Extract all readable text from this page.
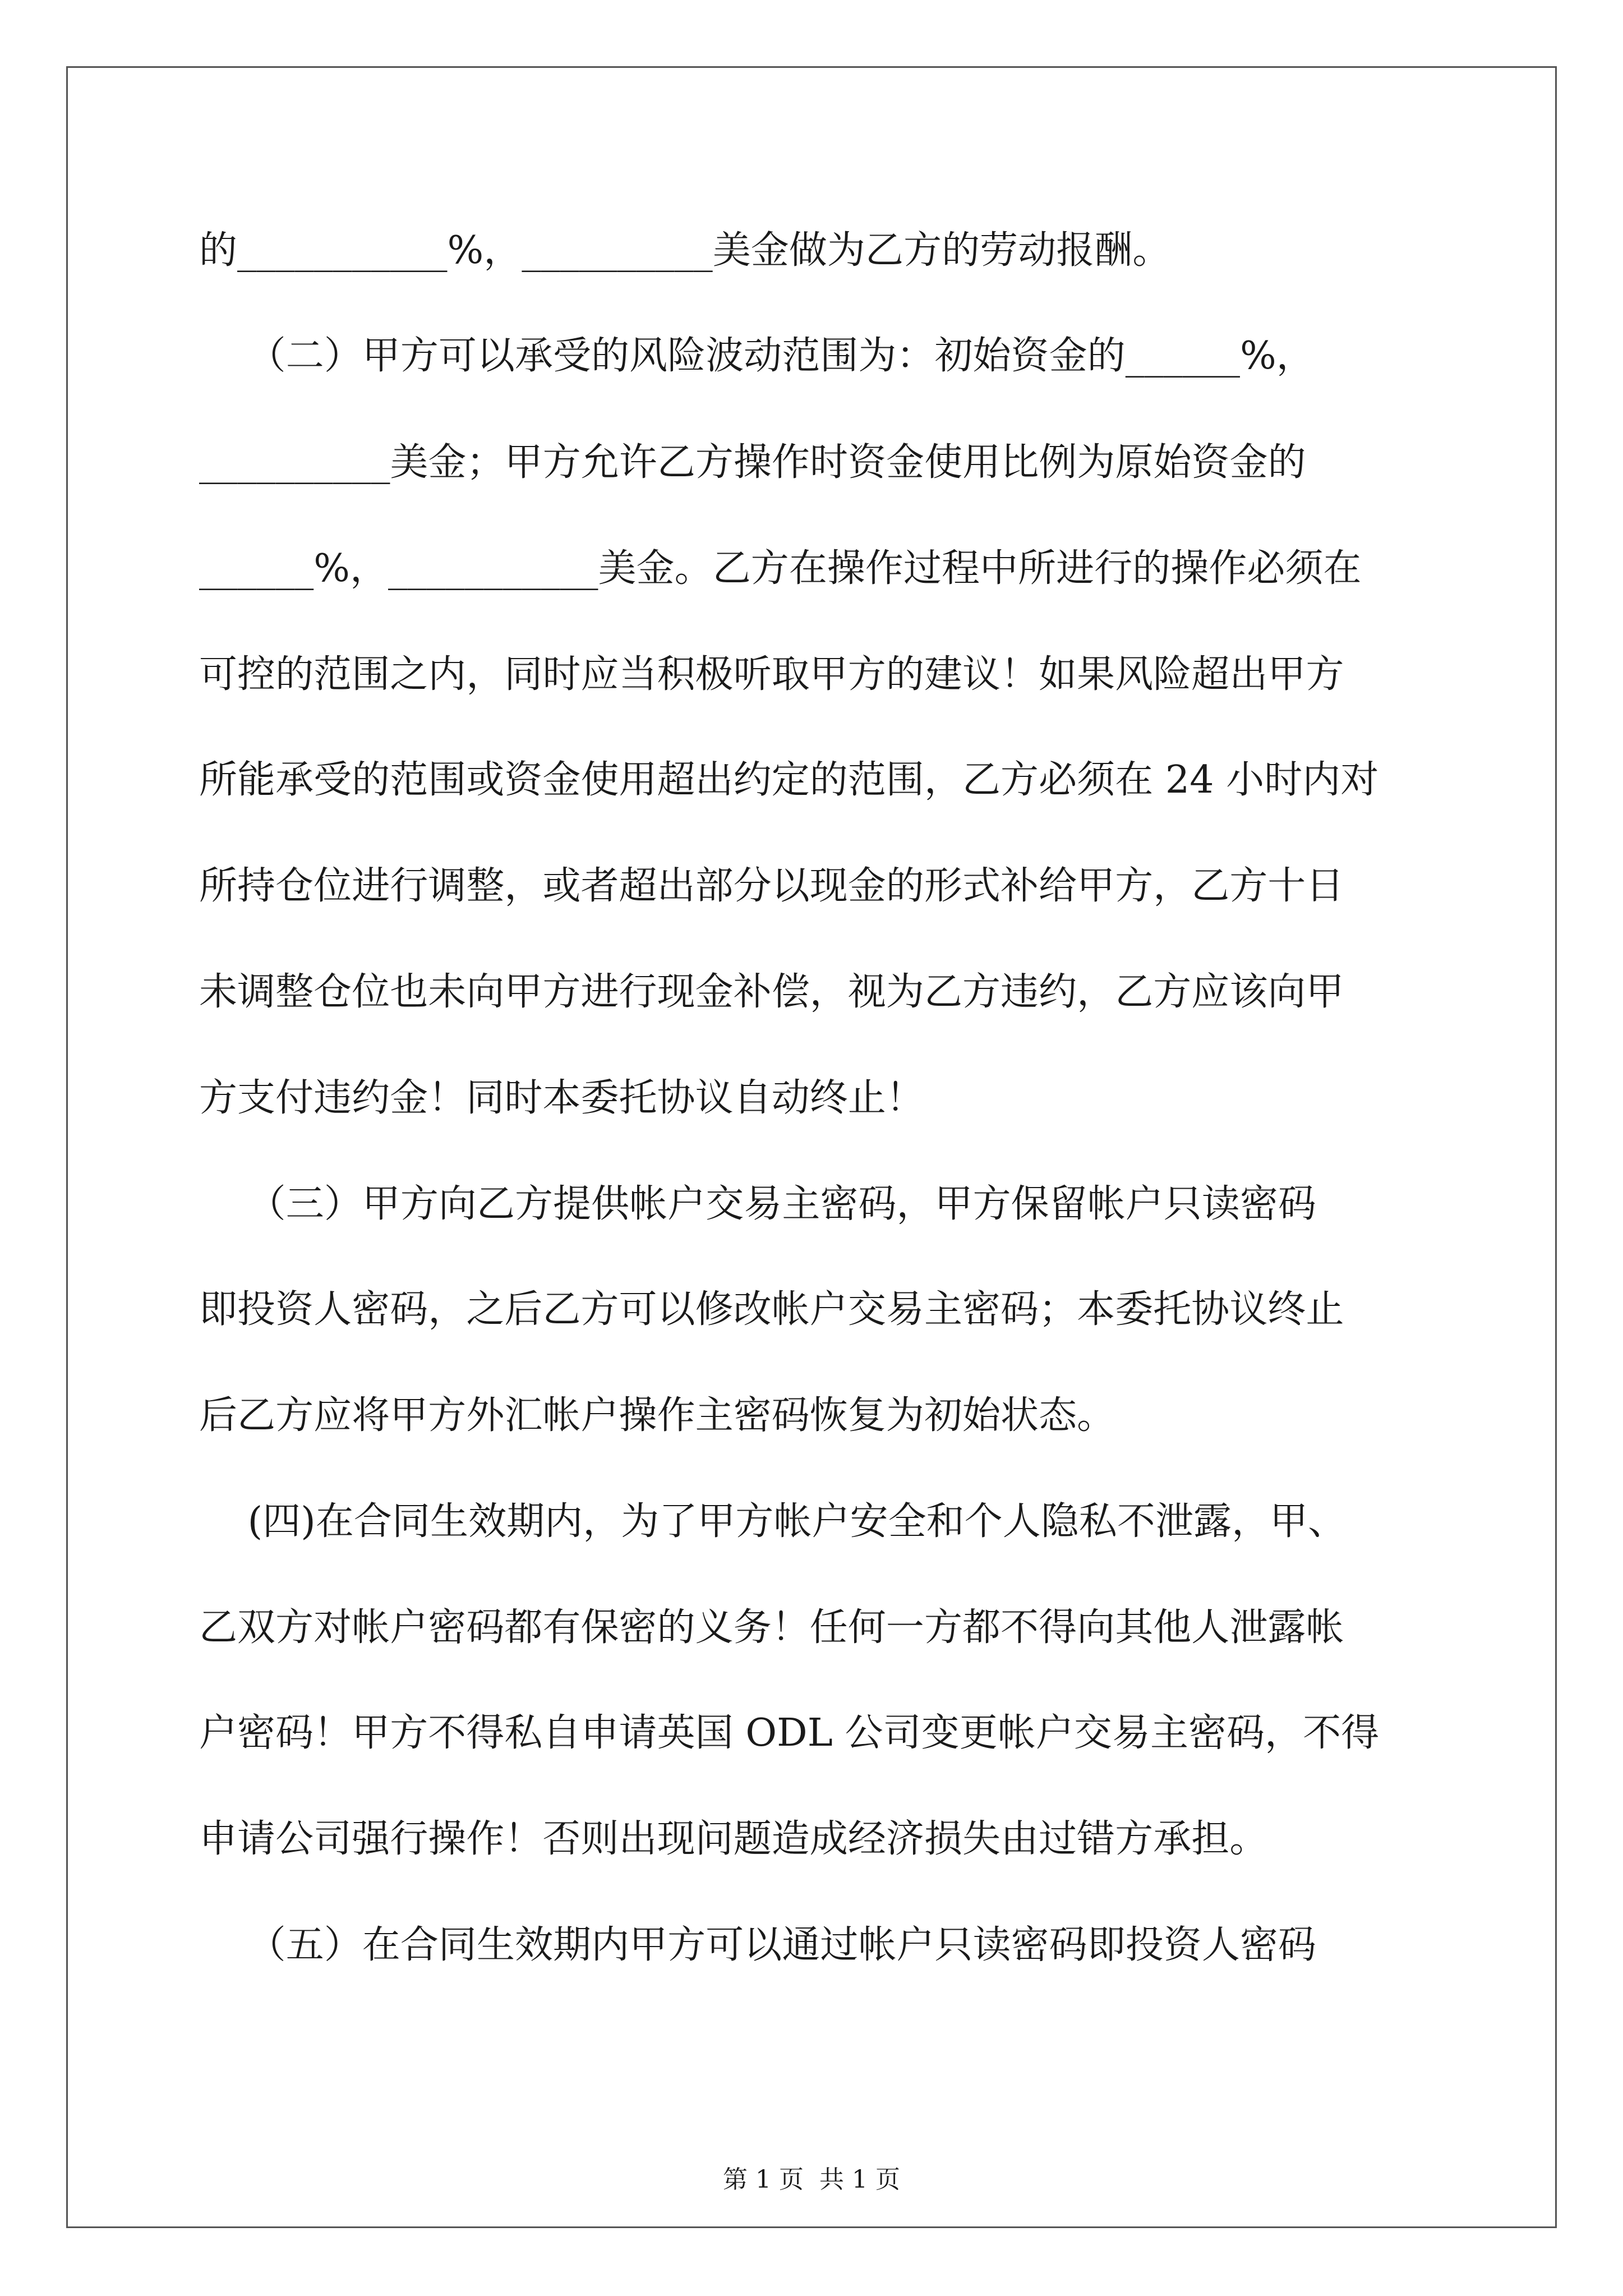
的___________%，__________美金做为乙方的劳动报酬。
（二）甲方可以承受的风险波动范围为：初始资金的______%，
__________美金；甲方允许乙方操作时资金使用比例为原始资金的
______%，___________美金。乙方在操作过程中所进行的操作必须在
可控的范围之内，同时应当积极听取甲方的建议！如果风险超出甲方
所能承受的范围或资金使用超出约定的范围，乙方必须在 24 小时内对
所持仓位进行调整，或者超出部分以现金的形式补给甲方，乙方十日
未调整仓位也未向甲方进行现金补偿，视为乙方违约，乙方应该向甲
方支付违约金！同时本委托协议自动终止！
（三）甲方向乙方提供帐户交易主密码，甲方保留帐户只读密码
即投资人密码，之后乙方可以修改帐户交易主密码；本委托协议终止
后乙方应将甲方外汇帐户操作主密码恢复为初始状态。
(四)在合同生效期内，为了甲方帐户安全和个人隐私不泄露，甲、
乙双方对帐户密码都有保密的义务！任何一方都不得向其他人泄露帐
户密码！甲方不得私自申请英国 ODL 公司变更帐户交易主密码，不得
申请公司强行操作！否则出现问题造成经济损失由过错方承担。
（五）在合同生效期内甲方可以通过帐户只读密码即投资人密码
第 1 页  共 1 页
